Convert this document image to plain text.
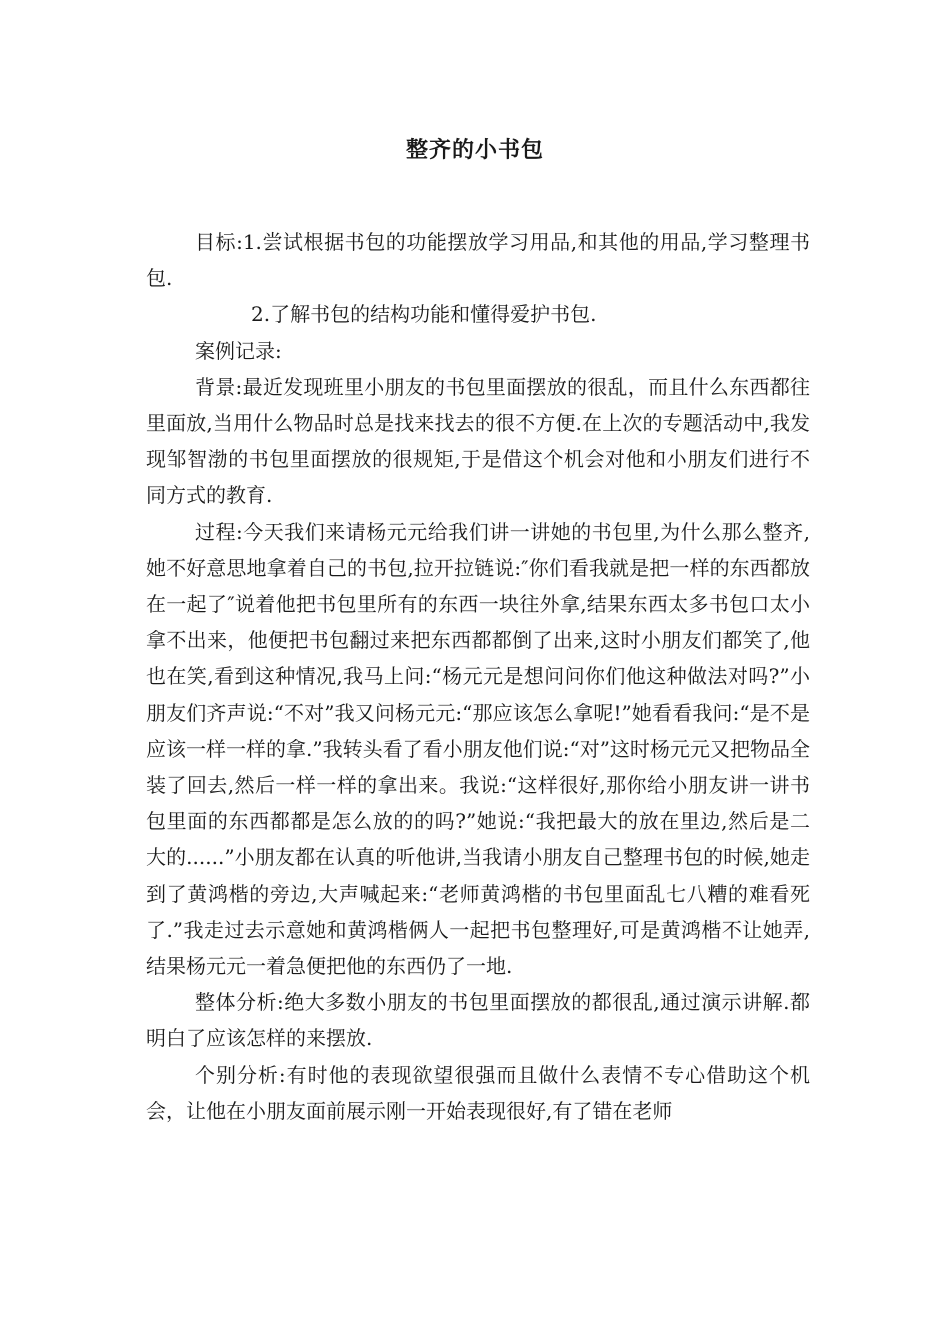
整齐的小书包

目标:1.尝试根据书包的功能摆放学习用品,和其他的用品,学习整理书包.

2.了解书包的结构功能和懂得爱护书包.

案例记录:

背景:最近发现班里小朋友的书包里面摆放的很乱，而且什么东西都往里面放,当用什么物品时总是找来找去的很不方便.在上次的专题活动中,我发现邹智渤的书包里面摆放的很规矩,于是借这个机会对他和小朋友们进行不同方式的教育.

过程:今天我们来请杨元元给我们讲一讲她的书包里,为什么那么整齐,她不好意思地拿着自己的书包,拉开拉链说:″你们看我就是把一样的东西都放在一起了″说着他把书包里所有的东西一块往外拿,结果东西太多书包口太小拿不出来，他便把书包翻过来把东西都都倒了出来,这时小朋友们都笑了,他也在笑,看到这种情况,我马上问:“杨元元是想问问你们他这种做法对吗?”小朋友们齐声说:“不对”我又问杨元元:“那应该怎么拿呢!”她看看我问:“是不是应该一样一样的拿.”我转头看了看小朋友他们说:“对”这时杨元元又把物品全装了回去,然后一样一样的拿出来。我说:“这样很好,那你给小朋友讲一讲书包里面的东西都都是怎么放的的吗?”她说:“我把最大的放在里边,然后是二大的......”小朋友都在认真的听他讲,当我请小朋友自己整理书包的时候,她走到了黄鸿楷的旁边,大声喊起来:“老师黄鸿楷的书包里面乱七八糟的难看死了.”我走过去示意她和黄鸿楷俩人一起把书包整理好,可是黄鸿楷不让她弄,结果杨元元一着急便把他的东西仍了一地.

整体分析:绝大多数小朋友的书包里面摆放的都很乱,通过演示讲解.都明白了应该怎样的来摆放.

个别分析:有时他的表现欲望很强而且做什么表情不专心借助这个机会，让他在小朋友面前展示刚一开始表现很好,有了错在老师
